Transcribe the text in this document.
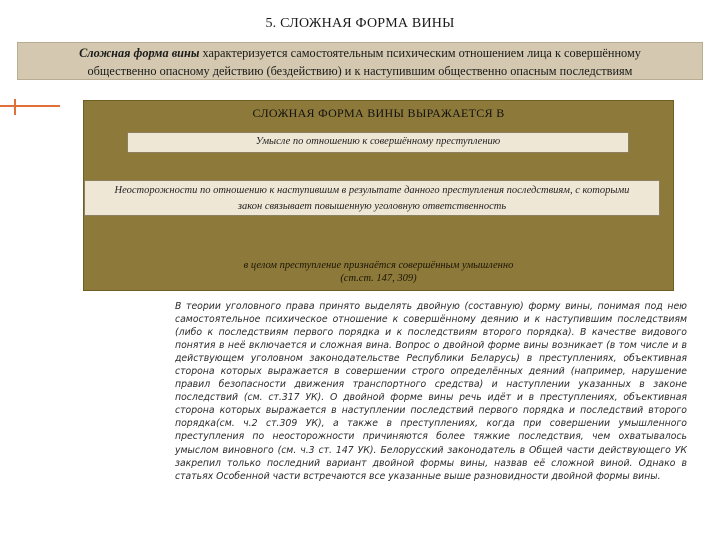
5. СЛОЖНАЯ ФОРМА ВИНЫ
Сложная форма вины характеризуется самостоятельным психическим отношением лица к совершённому
общественно опасному действию (бездействию) и к наступившим общественно опасным последствиям
СЛОЖНАЯ ФОРМА ВИНЫ ВЫРАЖАЕТСЯ В
Умысле по отношению к совершённому преступлению
Неосторожности по отношению к наступившим в результате данного преступления последствиям, с которыми
закон связывает повышенную уголовную ответственность
в целом преступление признаётся совершённым умышленно
(ст.ст. 147, 309)
В теории уголовного права принято выделять двойную (составную) форму вины, понимая под нею самостоятельное психическое отношение к совершённому деянию и к наступившим последствиям (либо к последствиям первого порядка и к последствиям второго порядка). В качестве видового понятия в неё включается и сложная вина. Вопрос о двойной форме вины возникает (в том числе и в действующем уголовном законодательстве Республики Беларусь) в преступлениях, объективная сторона которых выражается в совершении строго определённых деяний (например, нарушение правил безопасности движения транспортного средства) и наступлении указанных в законе последствий (см. ст.317 УК). О двойной форме вины речь идёт и в преступлениях, объективная сторона которых выражается в наступлении последствий первого порядка и последствий второго порядка(см. ч.2 ст.309 УК), а также в преступлениях, когда при совершении умышленного преступления по неосторожности причиняются более тяжкие последствия, чем охватывалось умыслом виновного (см. ч.3 ст. 147 УК). Белорусский законодатель в Общей части действующего УК закрепил только последний вариант двойной формы вины, назвав её сложной виной. Однако в статьях Особенной части встречаются все указанные выше разновидности двойной формы вины.
